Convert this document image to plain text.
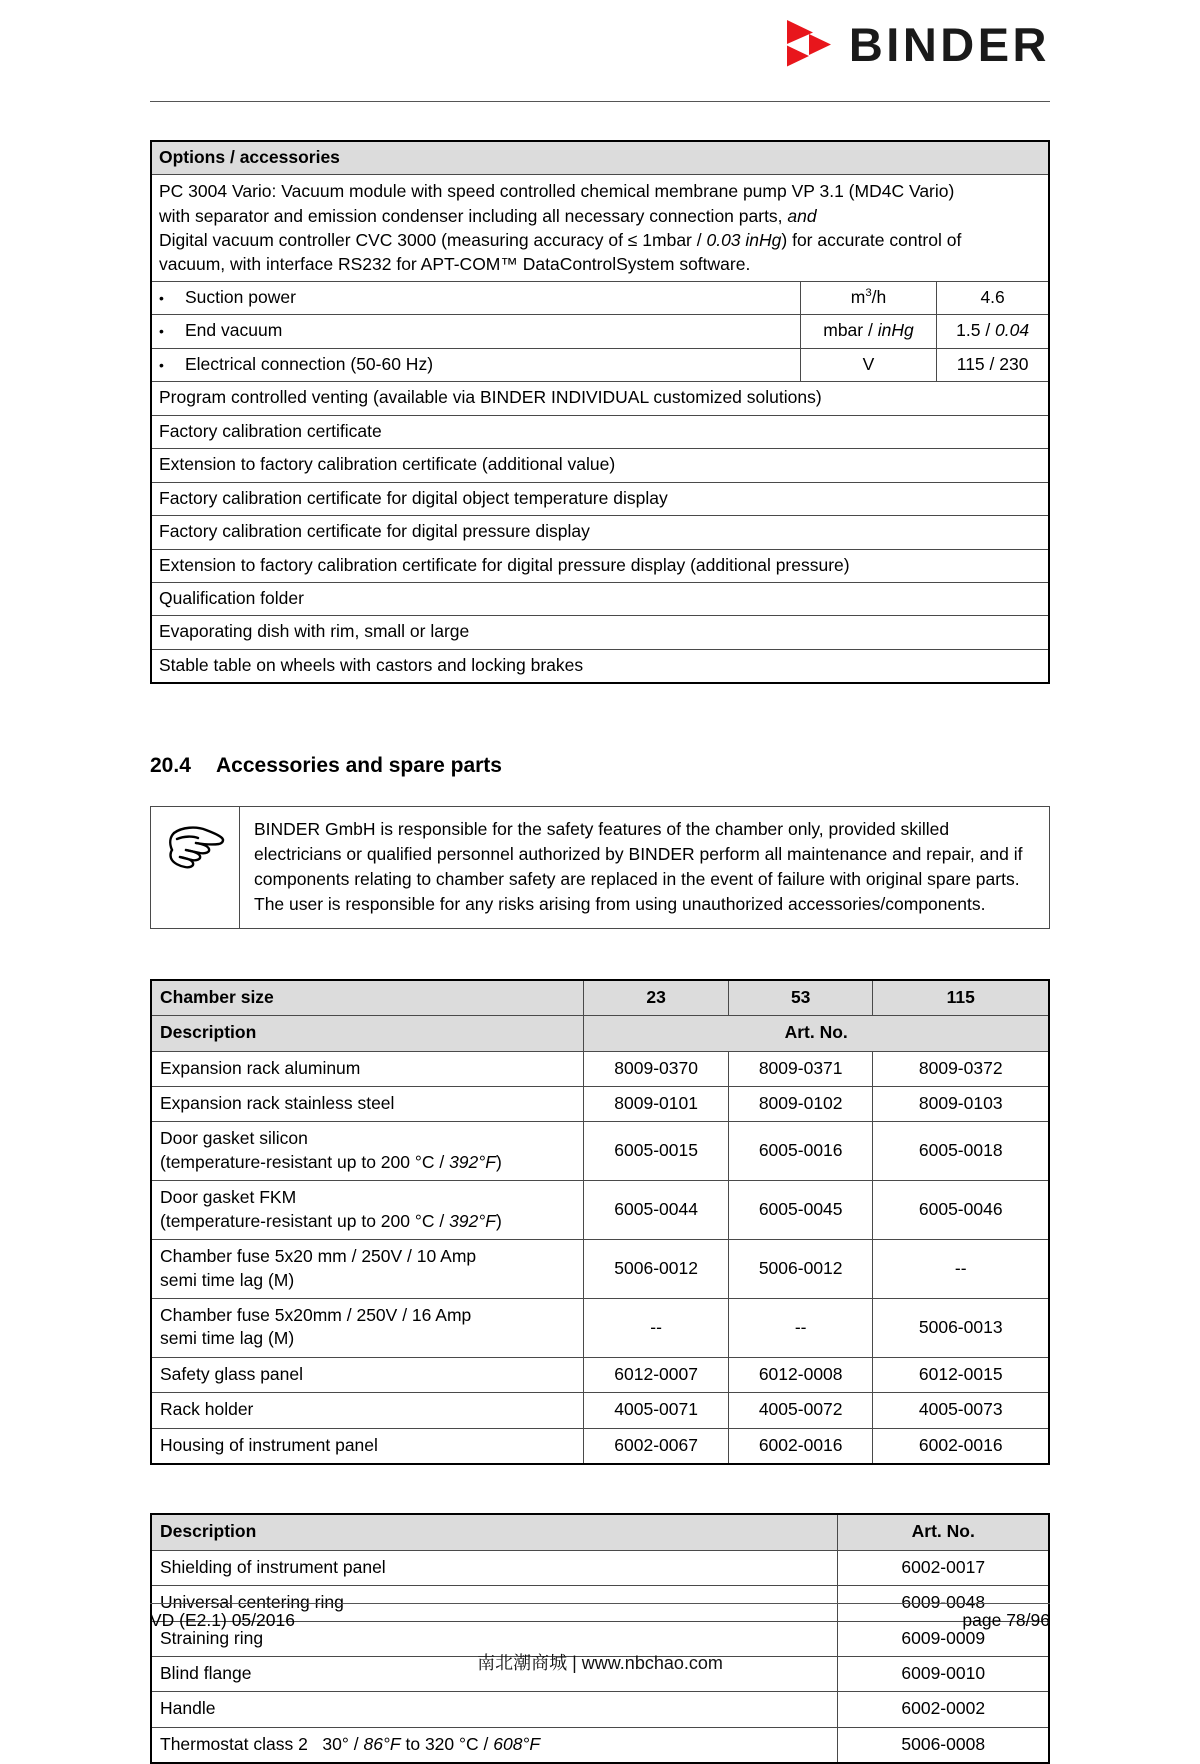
BINDER
Options / accessories		

PC 3004 Vario: Vacuum module with speed controlled chemical membrane pump VP 3.1 (MD4C Vario)
with separator and emission condenser including all necessary connection parts, and
Digital vacuum controller CVC 3000 (measuring accuracy of ≤ 1mbar / 0.03 inHg) for accurate control of
vacuum, with interface RS232 for APT-COM™ DataControlSystem software.		

•
Suction power	$m^3/h$	4.6

•
End vacuum	mbar / inHg	1.5 / 0.04

•
Electrical connection (50-60 Hz)	V	115 / 230
Program controlled venting (available via BINDER INDIVIDUAL customized solutions)		
Factory calibration certificate		
Extension to factory calibration certificate (additional value)		
Factory calibration certificate for digital object temperature display		
Factory calibration certificate for digital pressure display		
Extension to factory calibration certificate for digital pressure display (additional pressure)		
Qualification folder		
Evaporating dish with rim, small or large		
Stable table on wheels with castors and locking brakes		
20.4	Accessories and spare parts
BINDER GmbH is responsible for the safety features of the chamber only, provided skilled electricians or qualified personnel authorized by BINDER perform all maintenance and repair, and if components relating to chamber safety are replaced in the event of failure with original spare parts. The user is responsible for any risks arising from using unauthorized accessories/components.
Chamber size	23	53	115
Description	Art. No.		
Expansion rack aluminum	8009-0370	8009-0371	8009-0372
Expansion rack stainless steel	8009-0101	8009-0102	8009-0103

Door gasket silicon
(temperature-resistant up to 200 °C / 392°F)	6005-0015	6005-0016	6005-0018

Door gasket FKM
(temperature-resistant up to 200 °C / 392°F)	6005-0044	6005-0045	6005-0046

Chamber fuse 5x20 mm / 250V / 10 Amp
semi time lag (M)	5006-0012	5006-0012	--

Chamber fuse 5x20mm / 250V / 16 Amp
semi time lag (M)	--	--	5006-0013
Safety glass panel	6012-0007	6012-0008	6012-0015
Rack holder	4005-0071	4005-0072	4005-0073
Housing of instrument panel	6002-0067	6002-0016	6002-0016
Description	Art. No.
Shielding of instrument panel	6002-0017
Universal centering ring	6009-0048
Straining ring	6009-0009
Blind flange	6009-0010
Handle	6002-0002
Thermostat class 2   30° / 86°F to 320 °C / 608°F	5006-0008
VD (E2.1) 05/2016	page 78/96
南北潮商城 | www.nbchao.com
